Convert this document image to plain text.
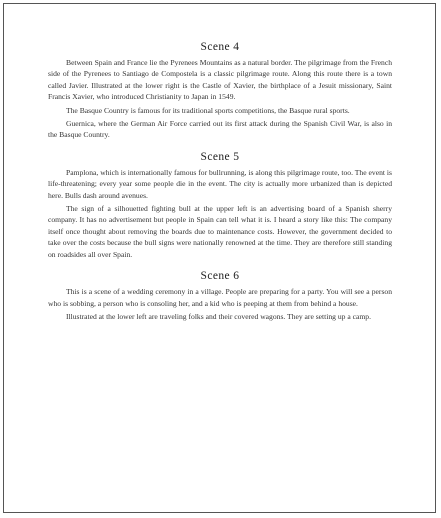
Scene 4

Between Spain and France lie the Pyrenees Mountains as a natural border. The pilgrimage from the French side of the Pyrenees to Santiago de Compostela is a classic pilgrimage route. Along this route there is a town called Javier. Illustrated at the lower right is the Castle of Xavier, the birthplace of a Jesuit missionary, Saint Francis Xavier, who introduced Christianity to Japan in 1549.

The Basque Country is famous for its traditional sports competitions, the Basque rural sports.

Guernica, where the German Air Force carried out its first attack during the Spanish Civil War, is also in the Basque Country.

Scene 5

Pamplona, which is internationally famous for bullrunning, is along this pilgrimage route, too. The event is life-threatening; every year some people die in the event. The city is actually more urbanized than is depicted here. Bulls dash around avenues.

The sign of a silhouetted fighting bull at the upper left is an advertising board of a Spanish sherry company. It has no advertisement but people in Spain can tell what it is. I heard a story like this: The company itself once thought about removing the boards due to maintenance costs. However, the government decided to take over the costs because the bull signs were nationally renowned at the time. They are therefore still standing on roadsides all over Spain.

Scene 6

This is a scene of a wedding ceremony in a village. People are preparing for a party. You will see a person who is sobbing, a person who is consoling her, and a kid who is peeping at them from behind a house.

Illustrated at the lower left are traveling folks and their covered wagons. They are setting up a camp.
